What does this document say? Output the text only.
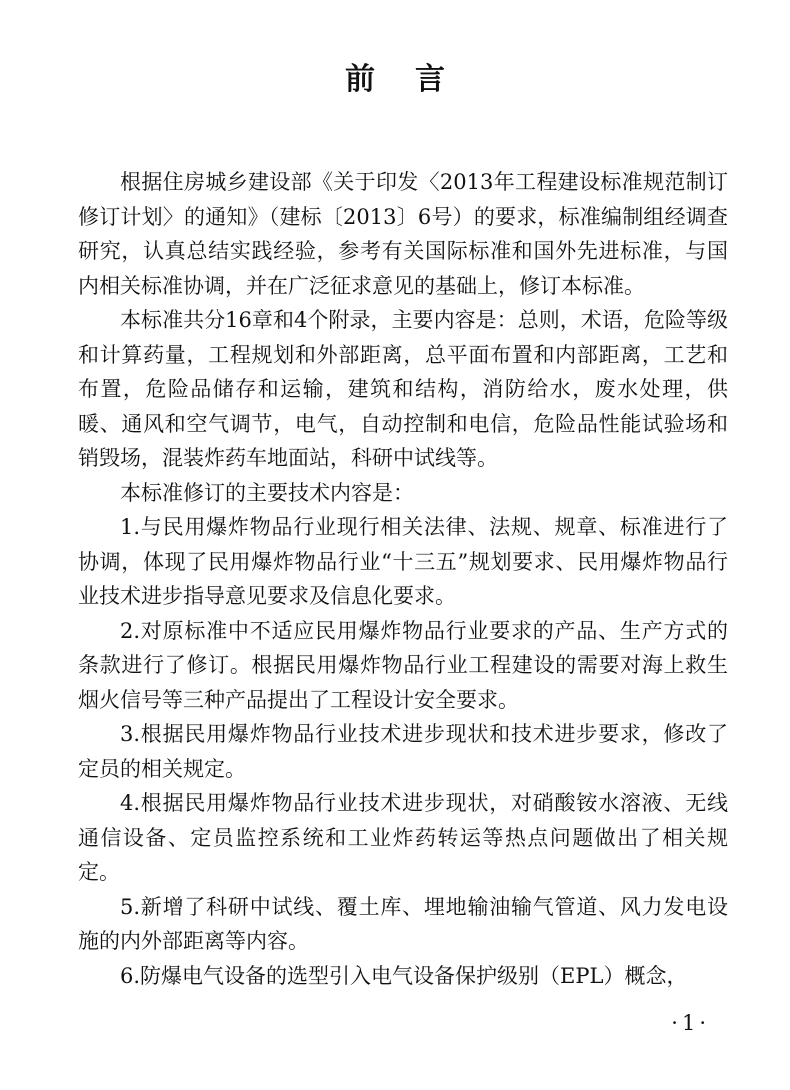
前言

根据住房城乡建设部《关于印发〈2013年工程建设标准规范制订修订计划〉的通知》（建标〔2013〕6号）的要求，标准编制组经调查研究，认真总结实践经验，参考有关国际标准和国外先进标准，与国内相关标准协调，并在广泛征求意见的基础上，修订本标准。

本标准共分16章和4个附录，主要内容是：总则，术语，危险等级和计算药量，工程规划和外部距离，总平面布置和内部距离，工艺和布置，危险品储存和运输，建筑和结构，消防给水，废水处理，供暖、通风和空气调节，电气，自动控制和电信，危险品性能试验场和销毁场，混装炸药车地面站，科研中试线等。

本标准修订的主要技术内容是：

1.与民用爆炸物品行业现行相关法律、法规、规章、标准进行了协调，体现了民用爆炸物品行业“十三五”规划要求、民用爆炸物品行业技术进步指导意见要求及信息化要求。

2.对原标准中不适应民用爆炸物品行业要求的产品、生产方式的条款进行了修订。根据民用爆炸物品行业工程建设的需要对海上救生烟火信号等三种产品提出了工程设计安全要求。

3.根据民用爆炸物品行业技术进步现状和技术进步要求，修改了定员的相关规定。

4.根据民用爆炸物品行业技术进步现状，对硝酸铵水溶液、无线通信设备、定员监控系统和工业炸药转运等热点问题做出了相关规定。

5.新增了科研中试线、覆土库、埋地输油输气管道、风力发电设施的内外部距离等内容。

6.防爆电气设备的选型引入电气设备保护级别（EPL）概念，

·1·
